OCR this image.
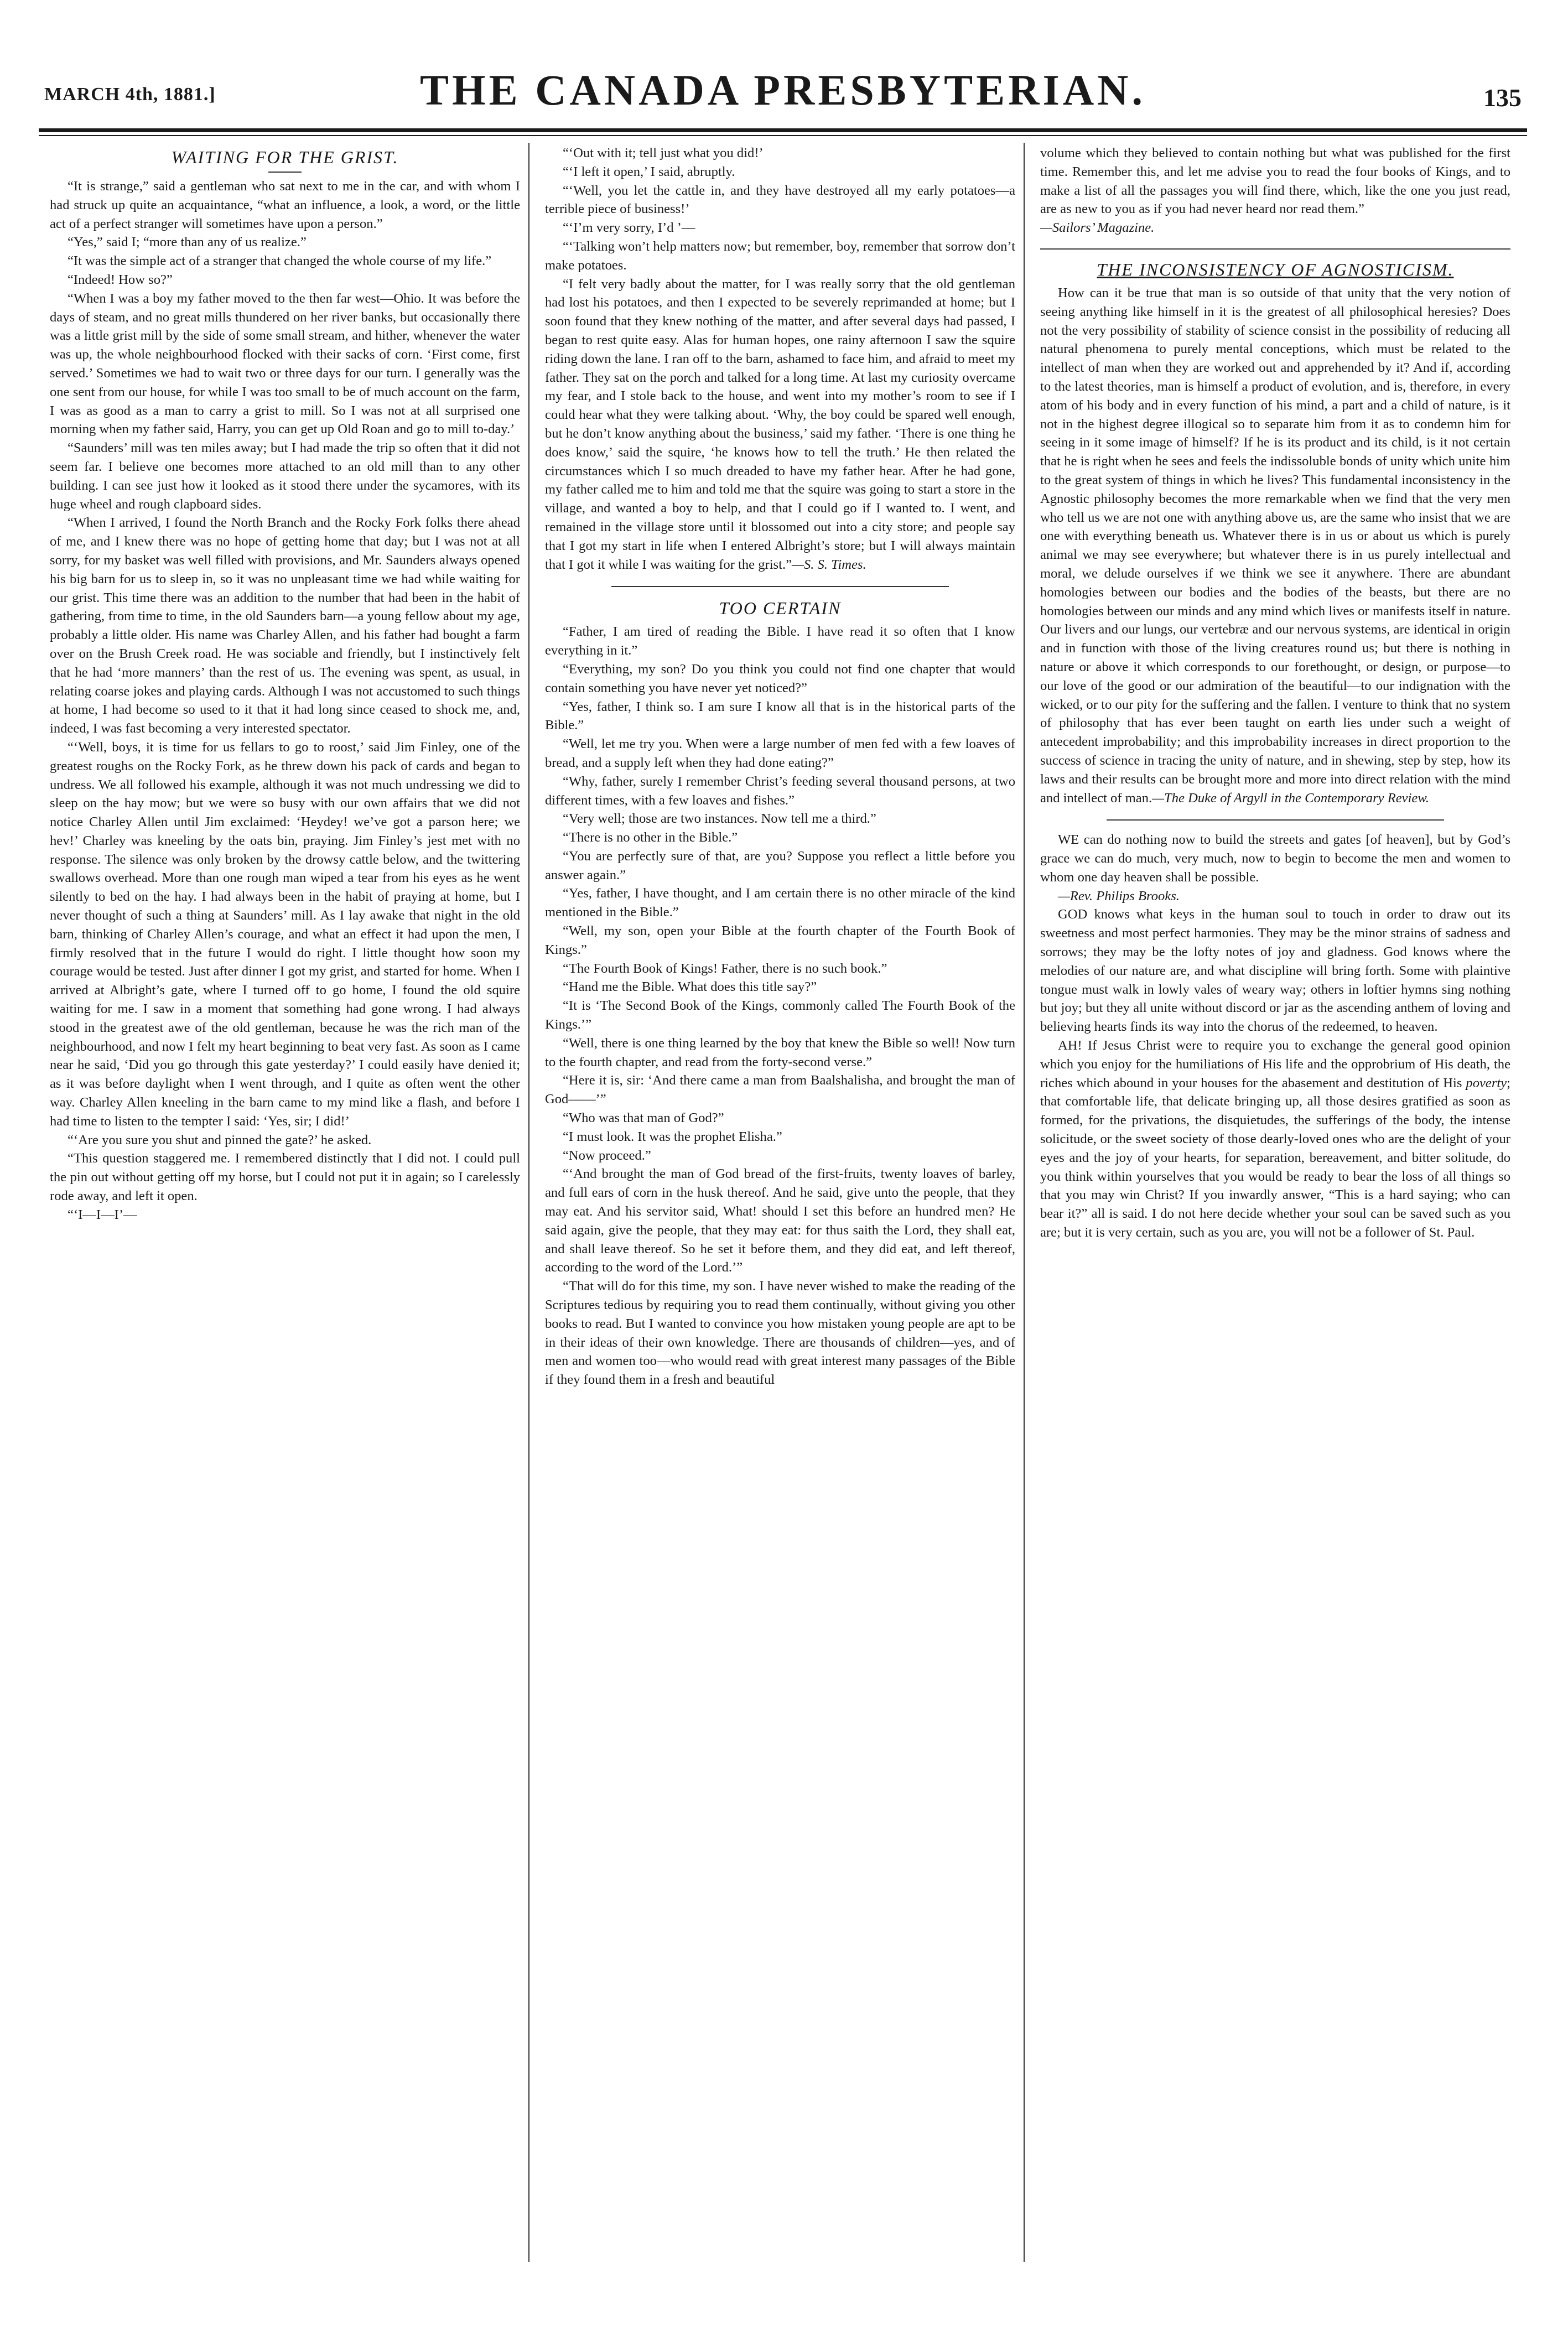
MARCH 4th, 1881.]	THE CANADA PRESBYTERIAN.	135
WAITING FOR THE GRIST.

“It is strange,” said a gentleman who sat next to me in the car, and with whom I had struck up quite an acquaintance, “what an influence, a look, a word, or the little act of a perfect stranger will sometimes have upon a person.”

“Yes,” said I; “more than any of us realize.”

“It was the simple act of a stranger that changed the whole course of my life.”

“Indeed! How so?”

“When I was a boy my father moved to the then far west—Ohio. It was before the days of steam, and no great mills thundered on her river banks, but occasionally there was a little grist mill by the side of some small stream, and hither, whenever the water was up, the whole neighbourhood flocked with their sacks of corn. ‘First come, first served.’ Sometimes we had to wait two or three days for our turn. I generally was the one sent from our house, for while I was too small to be of much account on the farm, I was as good as a man to carry a grist to mill. So I was not at all surprised one morning when my father said, Harry, you can get up Old Roan and go to mill to-day.’

“Saunders’ mill was ten miles away; but I had made the trip so often that it did not seem far. I believe one becomes more attached to an old mill than to any other building. I can see just how it looked as it stood there under the sycamores, with its huge wheel and rough clapboard sides.

“When I arrived, I found the North Branch and the Rocky Fork folks there ahead of me, and I knew there was no hope of getting home that day; but I was not at all sorry, for my basket was well filled with provisions, and Mr. Saunders always opened his big barn for us to sleep in, so it was no unpleasant time we had while waiting for our grist. This time there was an addition to the number that had been in the habit of gathering, from time to time, in the old Saunders barn—a young fellow about my age, probably a little older. His name was Charley Allen, and his father had bought a farm over on the Brush Creek road. He was sociable and friendly, but I instinctively felt that he had ‘more manners’ than the rest of us. The evening was spent, as usual, in relating coarse jokes and playing cards. Although I was not accustomed to such things at home, I had become so used to it that it had long since ceased to shock me, and, indeed, I was fast becoming a very interested spectator.

“‘Well, boys, it is time for us fellars to go to roost,’ said Jim Finley, one of the greatest roughs on the Rocky Fork, as he threw down his pack of cards and began to undress. We all followed his example, although it was not much undressing we did to sleep on the hay mow; but we were so busy with our own affairs that we did not notice Charley Allen until Jim exclaimed: ‘Heydey! we’ve got a parson here; we hev!’ Charley was kneeling by the oats bin, praying. Jim Finley’s jest met with no response. The silence was only broken by the drowsy cattle below, and the twittering swallows overhead. More than one rough man wiped a tear from his eyes as he went silently to bed on the hay. I had always been in the habit of praying at home, but I never thought of such a thing at Saunders’ mill. As I lay awake that night in the old barn, thinking of Charley Allen’s courage, and what an effect it had upon the men, I firmly resolved that in the future I would do right. I little thought how soon my courage would be tested. Just after dinner I got my grist, and started for home. When I arrived at Albright’s gate, where I turned off to go home, I found the old squire waiting for me. I saw in a moment that something had gone wrong. I had always stood in the greatest awe of the old gentleman, because he was the rich man of the neighbourhood, and now I felt my heart beginning to beat very fast. As soon as I came near he said, ‘Did you go through this gate yesterday?’ I could easily have denied it; as it was before daylight when I went through, and I quite as often went the other way. Charley Allen kneeling in the barn came to my mind like a flash, and before I had time to listen to the tempter I said: ‘Yes, sir; I did!’

“‘Are you sure you shut and pinned the gate?’ he asked.

“This question staggered me. I remembered distinctly that I did not. I could pull the pin out without getting off my horse, but I could not put it in again; so I carelessly rode away, and left it open.

“‘I—I—I’—

“‘Out with it; tell just what you did!’

“‘I left it open,’ I said, abruptly.

“‘Well, you let the cattle in, and they have destroyed all my early potatoes—a terrible piece of business!’

“‘I’m very sorry, I’d ’—

“‘Talking won’t help matters now; but remember, boy, remember that sorrow don’t make potatoes.

“I felt very badly about the matter, for I was really sorry that the old gentleman had lost his potatoes, and then I expected to be severely reprimanded at home; but I soon found that they knew nothing of the matter, and after several days had passed, I began to rest quite easy. Alas for human hopes, one rainy afternoon I saw the squire riding down the lane. I ran off to the barn, ashamed to face him, and afraid to meet my father. They sat on the porch and talked for a long time. At last my curiosity overcame my fear, and I stole back to the house, and went into my mother’s room to see if I could hear what they were talking about. ‘Why, the boy could be spared well enough, but he don’t know anything about the business,’ said my father. ‘There is one thing he does know,’ said the squire, ‘he knows how to tell the truth.’ He then related the circumstances which I so much dreaded to have my father hear. After he had gone, my father called me to him and told me that the squire was going to start a store in the village, and wanted a boy to help, and that I could go if I wanted to. I went, and remained in the village store until it blossomed out into a city store; and people say that I got my start in life when I entered Albright’s store; but I will always maintain that I got it while I was waiting for the grist.”—S. S. Times.

TOO CERTAIN

“Father, I am tired of reading the Bible. I have read it so often that I know everything in it.”

“Everything, my son? Do you think you could not find one chapter that would contain something you have never yet noticed?”

“Yes, father, I think so. I am sure I know all that is in the historical parts of the Bible.”

“Well, let me try you. When were a large number of men fed with a few loaves of bread, and a supply left when they had done eating?”

“Why, father, surely I remember Christ’s feeding several thousand persons, at two different times, with a few loaves and fishes.”

“Very well; those are two instances. Now tell me a third.”

“There is no other in the Bible.”

“You are perfectly sure of that, are you? Suppose you reflect a little before you answer again.”

“Yes, father, I have thought, and I am certain there is no other miracle of the kind mentioned in the Bible.”

“Well, my son, open your Bible at the fourth chapter of the Fourth Book of Kings.”

“The Fourth Book of Kings! Father, there is no such book.”

“Hand me the Bible. What does this title say?”

“It is ‘The Second Book of the Kings, commonly called The Fourth Book of the Kings.’”

“Well, there is one thing learned by the boy that knew the Bible so well! Now turn to the fourth chapter, and read from the forty-second verse.”

“Here it is, sir: ‘And there came a man from Baalshalisha, and brought the man of God——’”

“Who was that man of God?”

“I must look. It was the prophet Elisha.”

“Now proceed.”

“‘And brought the man of God bread of the first-fruits, twenty loaves of barley, and full ears of corn in the husk thereof. And he said, give unto the people, that they may eat. And his servitor said, What! should I set this before an hundred men? He said again, give the people, that they may eat: for thus saith the Lord, they shall eat, and shall leave thereof. So he set it before them, and they did eat, and left thereof, according to the word of the Lord.’”

“That will do for this time, my son. I have never wished to make the reading of the Scriptures tedious by requiring you to read them continually, without giving you other books to read. But I wanted to convince you how mistaken young people are apt to be in their ideas of their own knowledge. There are thousands of children—yes, and of men and women too—who would read with great interest many passages of the Bible if they found them in a fresh and beautiful

volume which they believed to contain nothing but what was published for the first time. Remember this, and let me advise you to read the four books of Kings, and to make a list of all the passages you will find there, which, like the one you just read, are as new to you as if you had never heard nor read them.”

—Sailors’ Magazine.

THE INCONSISTENCY OF AGNOSTICISM.

How can it be true that man is so outside of that unity that the very notion of seeing anything like himself in it is the greatest of all philosophical heresies? Does not the very possibility of stability of science consist in the possibility of reducing all natural phenomena to purely mental conceptions, which must be related to the intellect of man when they are worked out and apprehended by it? And if, according to the latest theories, man is himself a product of evolution, and is, therefore, in every atom of his body and in every function of his mind, a part and a child of nature, is it not in the highest degree illogical so to separate him from it as to condemn him for seeing in it some image of himself? If he is its product and its child, is it not certain that he is right when he sees and feels the indissoluble bonds of unity which unite him to the great system of things in which he lives? This fundamental inconsistency in the Agnostic philosophy becomes the more remarkable when we find that the very men who tell us we are not one with anything above us, are the same who insist that we are one with everything beneath us. Whatever there is in us or about us which is purely animal we may see everywhere; but whatever there is in us purely intellectual and moral, we delude ourselves if we think we see it anywhere. There are abundant homologies between our bodies and the bodies of the beasts, but there are no homologies between our minds and any mind which lives or manifests itself in nature. Our livers and our lungs, our vertebræ and our nervous systems, are identical in origin and in function with those of the living creatures round us; but there is nothing in nature or above it which corresponds to our forethought, or design, or purpose—to our love of the good or our admiration of the beautiful—to our indignation with the wicked, or to our pity for the suffering and the fallen. I venture to think that no system of philosophy that has ever been taught on earth lies under such a weight of antecedent improbability; and this improbability increases in direct proportion to the success of science in tracing the unity of nature, and in shewing, step by step, how its laws and their results can be brought more and more into direct relation with the mind and intellect of man.—The Duke of Argyll in the Contemporary Review.

WE can do nothing now to build the streets and gates [of heaven], but by God’s grace we can do much, very much, now to begin to become the men and women to whom one day heaven shall be possible.

—Rev. Philips Brooks.

GOD knows what keys in the human soul to touch in order to draw out its sweetness and most perfect harmonies. They may be the minor strains of sadness and sorrows; they may be the lofty notes of joy and gladness. God knows where the melodies of our nature are, and what discipline will bring forth. Some with plaintive tongue must walk in lowly vales of weary way; others in loftier hymns sing nothing but joy; but they all unite without discord or jar as the ascending anthem of loving and believing hearts finds its way into the chorus of the redeemed, to heaven.

AH! If Jesus Christ were to require you to exchange the general good opinion which you enjoy for the humiliations of His life and the opprobrium of His death, the riches which abound in your houses for the abasement and destitution of His poverty; that comfortable life, that delicate bringing up, all those desires gratified as soon as formed, for the privations, the disquietudes, the sufferings of the body, the intense solicitude, or the sweet society of those dearly-loved ones who are the delight of your eyes and the joy of your hearts, for separation, bereavement, and bitter solitude, do you think within yourselves that you would be ready to bear the loss of all things so that you may win Christ? If you inwardly answer, “This is a hard saying; who can bear it?” all is said. I do not here decide whether your soul can be saved such as you are; but it is very certain, such as you are, you will not be a follower of St. Paul.
